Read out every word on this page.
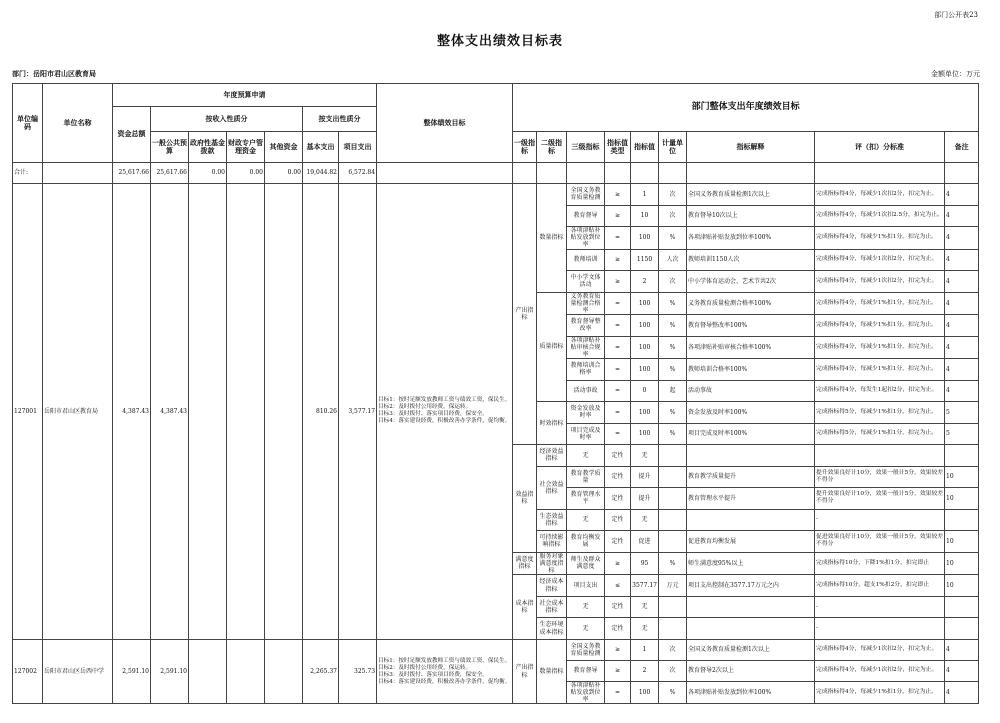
部门公开表23
整体支出绩效目标表
部门：岳阳市君山区教育局	金额单位：万元
单位编码	单位名称	年度预算申请							整体绩效目标	部门整体支出年度绩效目标								
		资金总额	按收入性质分				按支出性质分											
			一般公共预算	政府性基金拨款	财政专户管理资金	其他资金	基本支出	项目支出		一级指标	二级指标	三级指标	指标值类型	指标值	计量单位	指标解释	评（扣）分标准	备注
合计:		25,617.66	25,617.66	0.00	0.00	0.00	19,044.82	6,572.84										
127001	岳阳市君山区教育局	4,387.43	4,387.43				810.26	3,577.17	目标1：按时足额发放教师工资与绩效工资，保民生。
目标2：及时拨付公用经费，保运转。
目标3：及时拨付、落实项目经费，保安全。
目标4：落实建设经费，积极改善办学条件，促均衡。	产出指标	数量指标	全国义务教育质量检测	≥	1	次	全国义务教育质量检测1次以上	完成指标得4分，每减少1次扣2分，扣完为止。	4
												教育督导	≥	10	次	教育督导10次以上	完成指标得4分，每减少1次扣2.5分，扣完为止。	4
												各项津贴补贴发放到位率	=	100	%	各项津贴补贴发放到位率100%	完成指标得4分，每减少1%扣1分，扣完为止。	4
												教师培训	≥	1150	人次	教师培训1150人次	完成指标得4分，每减少1次扣2分，扣完为止。	4
												中小学文体活动	≥	2	次	中小学体育运动会、艺术节共2次	完成指标得4分，每减少1次扣2分，扣完为止。	4
											质量指标	义务教育质量检测合格率	=	100	%	义务教育质量检测合格率100%	完成指标得4分，每减少1%扣1分，扣完为止。	4
												教育督导整改率	=	100	%	教育督导整改率100%	完成指标得4分，每减少1%扣1分，扣完为止。	4
												各项津贴补贴审核合规率	=	100	%	各项津贴补贴审核合格率100%	完成指标得4分，每减少1%扣1分，扣完为止。	4
												教师培训合格率	=	100	%	教师培训合格率100%	完成指标得4分，每减少1%扣1分，扣完为止。	4
												活动事故	=	0	起	活动事故	完成指标得4分，每发生1起扣2分，扣完为止。	4
											时效指标	资金发放及时率	=	100	%	资金发放及时率100%	完成指标得5分，每减少1%扣1分，扣完为止。	5
												项目完成及时率	=	100	%	项目完成及时率100%	完成指标得5分，每减少1%扣1分，扣完为止。	5
										效益指标	经济效益指标	无	定性	无				
											社会效益指标	教育教学质量	定性	提升		教育教学质量提升	提升效果良好计10分，效果一般计5分，效果较差不得分	10
												教育管理水平	定性	提升		教育管理水平提升	提升效果良好计10分，效果一般计5分，效果较差不得分	10
											生态效益指标	无	定性	无			-	
											可持续影响指标	教育均衡发展	定性	促进		促进教育均衡发展	促进效果良好计10分，效果一般计5分，效果较差不得分	10
										满意度指标	服务对象满意度指标	师生及群众满意度	≥	95	%	师生满意度95%以上	完成指标得10分，下降1%扣1分，扣完即止	10
										成本指标	经济成本指标	项目支出	≤	3577.17	万元	项目支出控制在3577.17万元之内	完成指标得10分，超支1%扣2分，扣完即止	10
											社会成本指标	无	定性	无			-	
											生态环境成本指标	无	定性	无			-	
127002	岳阳市君山区岳西中学	2,591.10	2,591.10				2,265.37	325.73	目标1：按时足额发放教师工资与绩效工资，保民生。
目标2：及时拨付公用经费，保运转。
目标3：及时拨付、落实项目经费，保安全。
目标4：落实建设经费，积极改善办学条件，促均衡。	产出指标	数量指标	全国义务教育质量检测	≥	1	次	全国义务教育质量检测1次以上	完成指标得4分，每减少1次扣2分，扣完为止。	4
												教育督导	≥	2	次	教育督导2次以上	完成指标得4分，每减少1次扣2分，扣完为止。	4
												各项津贴补贴发放到位率	=	100	%	各项津贴补贴发放到位率100%	完成指标得4分，每减少1%扣1分，扣完为止。	4
